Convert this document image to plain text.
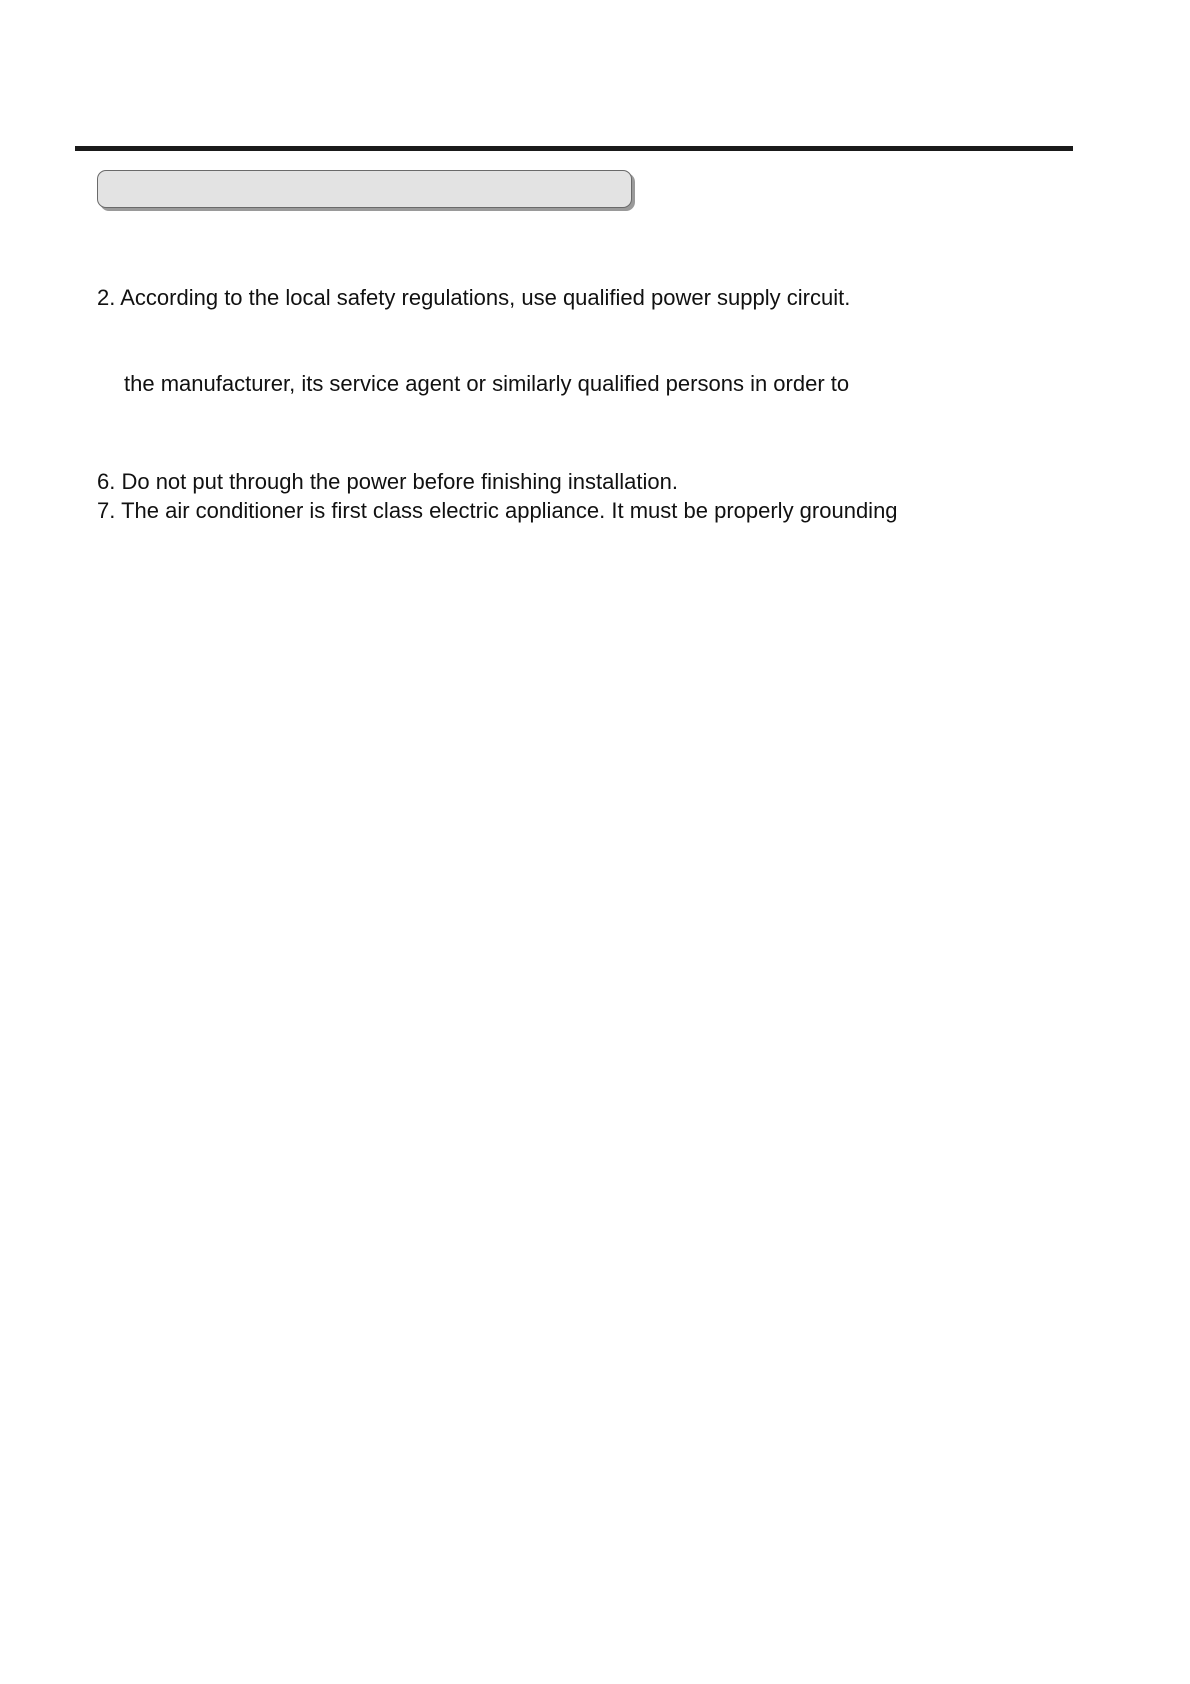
2. According to the local safety regulations, use qualified power supply circuit.

the manufacturer, its service agent or similarly qualified persons in order to

6. Do not put through the power before finishing installation.

7. The air conditioner is first class electric appliance. It must be properly grounding
